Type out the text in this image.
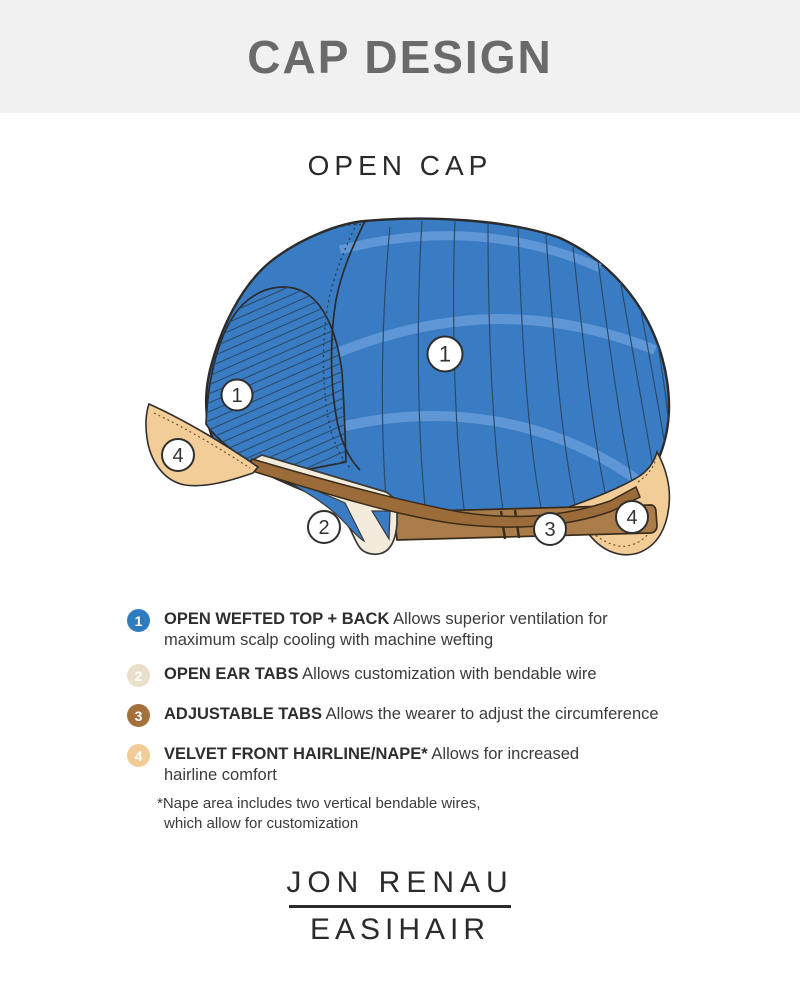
CAP DESIGN
OPEN CAP
1
1
2	3
4
4
1	OPEN WEFTED TOP + BACK Allows superior ventilation for maximum scalp cooling with machine wefting
2	OPEN EAR TABS Allows customization with bendable wire
3	ADJUSTABLE TABS Allows the wearer to adjust the circumference
4	VELVET FRONT HAIRLINE/NAPE* Allows for increased hairline comfort
*Nape area includes two vertical bendable wires,
which allow for customization
JON RENAU
EASIHAIR
